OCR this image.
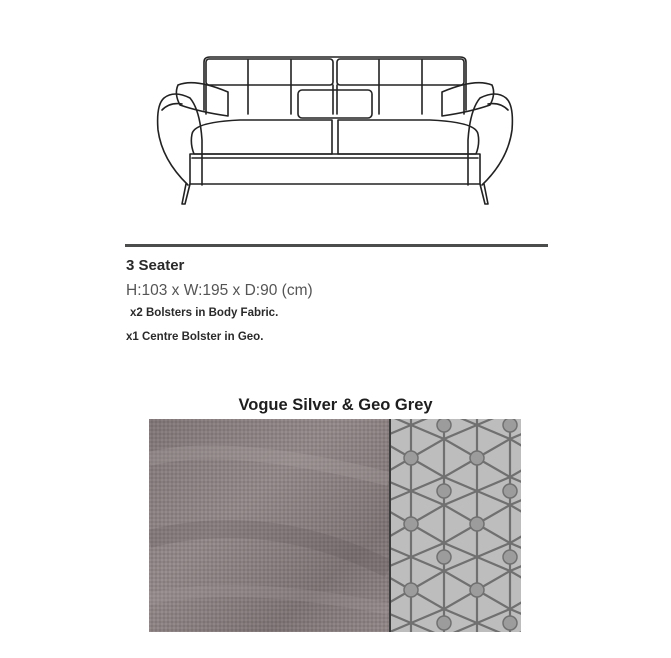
3 Seater
H:103 x W:195 x D:90 (cm)
x2 Bolsters in Body Fabric.
x1 Centre Bolster in Geo.
Vogue Silver & Geo Grey
